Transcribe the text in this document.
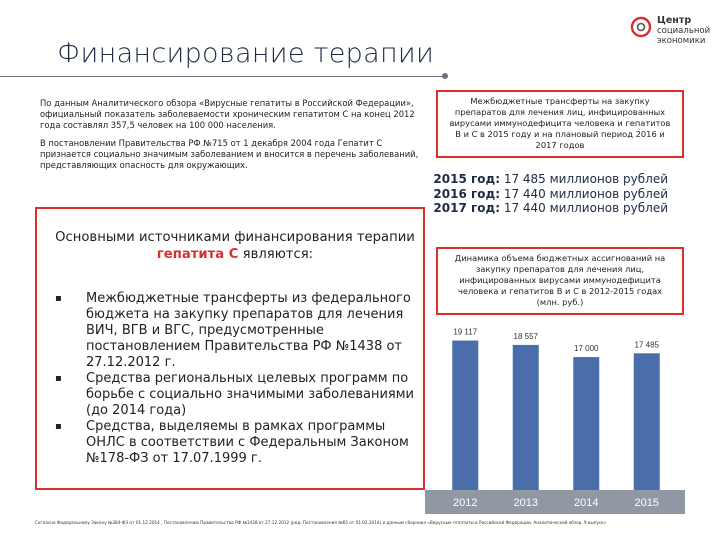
Центр
социальной
экономики
Финансирование терапии

По данным Аналитического обзора «Вирусные гепатиты в Российской Федерации», официальный показатель заболеваемости хроническим гепатитом С на конец 2012 года составлял 357,5 человек на 100 000 населения.

В постановлении Правительства РФ №715 от 1 декабря 2004 года Гепатит С признается социально значимым заболеванием и вносится в перечень заболеваний, представляющих опасность для окружающих.

Основными источниками финансирования терапии гепатита С являются:
▪ Межбюджетные трансферты из федерального бюджета на закупку препаратов для лечения ВИЧ, ВГВ и ВГС, предусмотренные постановлением Правительства РФ №1438 от 27.12.2012 г.
▪ Средства региональных целевых программ по борьбе с социально значимыми заболеваниями (до 2014 года)
▪ Средства, выделяемы в рамках программы ОНЛС в соответствии с Федеральным Законом №178-ФЗ от 17.07.1999 г.
Межбюджетные трансферты на закупку препаратов для лечения лиц, инфицированных вирусами иммунодефицита человека и гепатитов В и С в 2015 году и на плановый период 2016 и 2017 годов
2015 год: 17 485 миллионов рублей
2016 год: 17 440 миллионов рублей
2017 год: 17 440 миллионов рублей
Динамика объема бюджетных ассигнований на закупку препаратов для лечения лиц, инфицированных вирусами иммунодефицита человека и гепатитов В и С в 2012-2015 годах (млн. руб.)
19 117
2012
18 557
2013
17 000
2014
17 485
2015
Согласно Федеральному Закону №384-ФЗ от 01.12.2014 , Постановлению Правительства РФ №1438 от 27.12.2012 (ред. Постановления №65 от 01.02.2014) и данным сборника «Вирусные гепатиты в Российской Федерации. Аналитический обзор. 9 выпуск»
